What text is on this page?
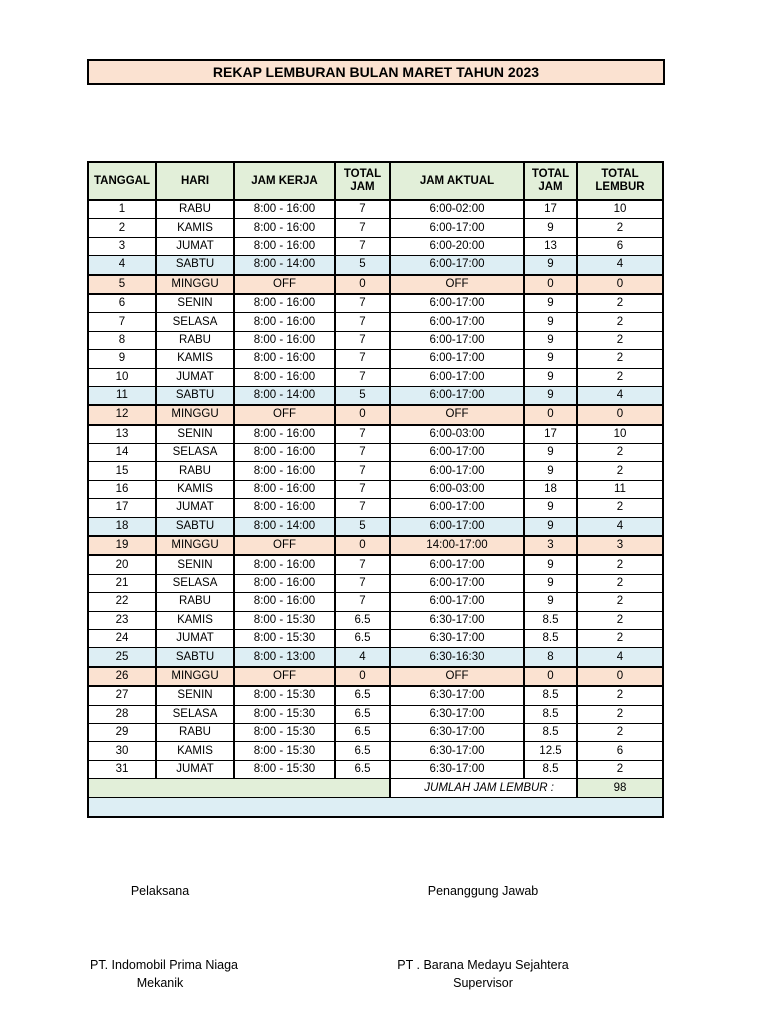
REKAP LEMBURAN BULAN MARET TAHUN 2023
TANGGAL	HARI	JAM KERJA	TOTAL JAM	JAM AKTUAL	TOTAL JAM	TOTAL LEMBUR
1	RABU	8:00 - 16:00	7	6:00-02:00	17	10
2	KAMIS	8:00 - 16:00	7	6:00-17:00	9	2
3	JUMAT	8:00 - 16:00	7	6:00-20:00	13	6
4	SABTU	8:00 - 14:00	5	6:00-17:00	9	4
5	MINGGU	OFF	0	OFF	0	0
6	SENIN	8:00 - 16:00	7	6:00-17:00	9	2
7	SELASA	8:00 - 16:00	7	6:00-17:00	9	2
8	RABU	8:00 - 16:00	7	6:00-17:00	9	2
9	KAMIS	8:00 - 16:00	7	6:00-17:00	9	2
10	JUMAT	8:00 - 16:00	7	6:00-17:00	9	2
11	SABTU	8:00 - 14:00	5	6:00-17:00	9	4
12	MINGGU	OFF	0	OFF	0	0
13	SENIN	8:00 - 16:00	7	6:00-03:00	17	10
14	SELASA	8:00 - 16:00	7	6:00-17:00	9	2
15	RABU	8:00 - 16:00	7	6:00-17:00	9	2
16	KAMIS	8:00 - 16:00	7	6:00-03:00	18	11
17	JUMAT	8:00 - 16:00	7	6:00-17:00	9	2
18	SABTU	8:00 - 14:00	5	6:00-17:00	9	4
19	MINGGU	OFF	0	14:00-17:00	3	3
20	SENIN	8:00 - 16:00	7	6:00-17:00	9	2
21	SELASA	8:00 - 16:00	7	6:00-17:00	9	2
22	RABU	8:00 - 16:00	7	6:00-17:00	9	2
23	KAMIS	8:00 - 15:30	6.5	6:30-17:00	8.5	2
24	JUMAT	8:00 - 15:30	6.5	6:30-17:00	8.5	2
25	SABTU	8:00 - 13:00	4	6:30-16:30	8	4
26	MINGGU	OFF	0	OFF	0	0
27	SENIN	8:00 - 15:30	6.5	6:30-17:00	8.5	2
28	SELASA	8:00 - 15:30	6.5	6:30-17:00	8.5	2
29	RABU	8:00 - 15:30	6.5	6:30-17:00	8.5	2
30	KAMIS	8:00 - 15:30	6.5	6:30-17:00	12.5	6
31	JUMAT	8:00 - 15:30	6.5	6:30-17:00	8.5	2
				JUMLAH JAM LEMBUR :		98

Pelaksana	Penanggung Jawab
PT. Indomobil Prima Niaga
Mekanik
PT . Barana Medayu Sejahtera
Supervisor
